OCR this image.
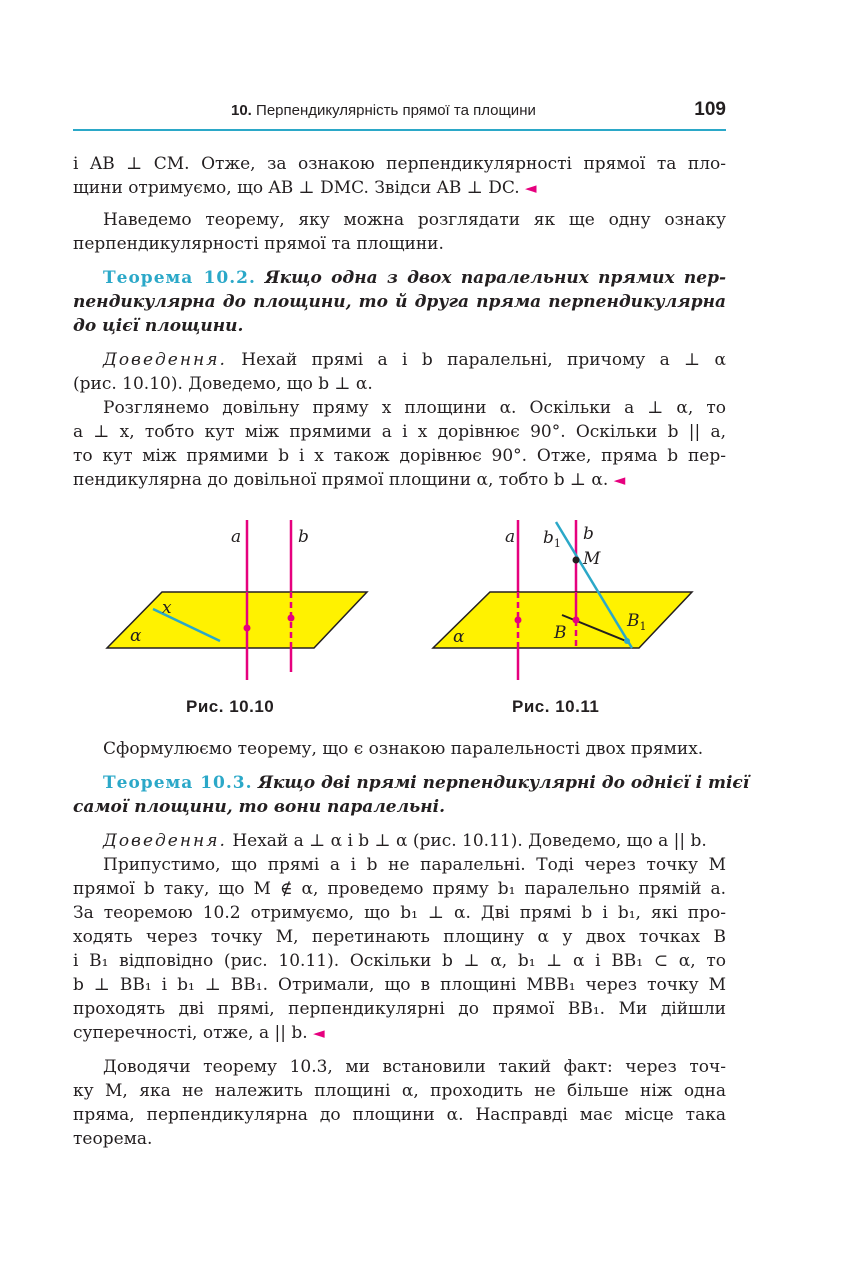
10. Перпендикулярність прямої та площини	109
і AB ⊥ CM. Отже, за ознакою перпендикулярності прямої та пло-
щини отримуємо, що AB ⊥ DMC. Звідси AB ⊥ DC. ◄
Наведемо теорему, яку можна розглядати як ще одну ознаку
перпендикулярності прямої та площини.
Теорема 10.2. Якщо одна з двох паралельних прямих пер-
пендикулярна до площини, то й друга пряма перпендикулярна
до цієї площини.
Доведення. Нехай прямі a і b паралельні, причому a ⊥ α
(рис. 10.10). Доведемо, що b ⊥ α.
Розглянемо довільну пряму x площини α. Оскільки a ⊥ α, то
a ⊥ x, тобто кут між прямими a і x дорівнює 90°. Оскільки b || a,
то кут між прямими b і x також дорівнює 90°. Отже, пряма b пер-
пендикулярна до довільної прямої площини α, тобто b ⊥ α. ◄
a	b
x
α
a $b_1$ b
M
B
$B_1$
α
Рис. 10.10	Рис. 10.11
Сформулюємо теорему, що є ознакою паралельності двох прямих.
Теорема 10.3. Якщо дві прямі перпендикулярні до однієї і тієї
самої площини, то вони паралельні.
Доведення. Нехай a ⊥ α і b ⊥ α (рис. 10.11). Доведемо, що a || b.
Припустимо, що прямі a і b не паралельні. Тоді через точку M
прямої b таку, що M ∉ α, проведемо пряму b₁ паралельно прямій a.
За теоремою 10.2 отримуємо, що b₁ ⊥ α. Дві прямі b і b₁, які про-
ходять через точку M, перетинають площину α у двох точках B
і B₁ відповідно (рис. 10.11). Оскільки b ⊥ α, b₁ ⊥ α і BB₁ ⊂ α, то
b ⊥ BB₁ і b₁ ⊥ BB₁. Отримали, що в площині MBB₁ через точку M
проходять дві прямі, перпендикулярні до прямої BB₁. Ми дійшли
суперечності, отже, a || b. ◄
Доводячи теорему 10.3, ми встановили такий факт: через точ-
ку M, яка не належить площині α, проходить не більше ніж одна
пряма, перпендикулярна до площини α. Насправді має місце така
теорема.
